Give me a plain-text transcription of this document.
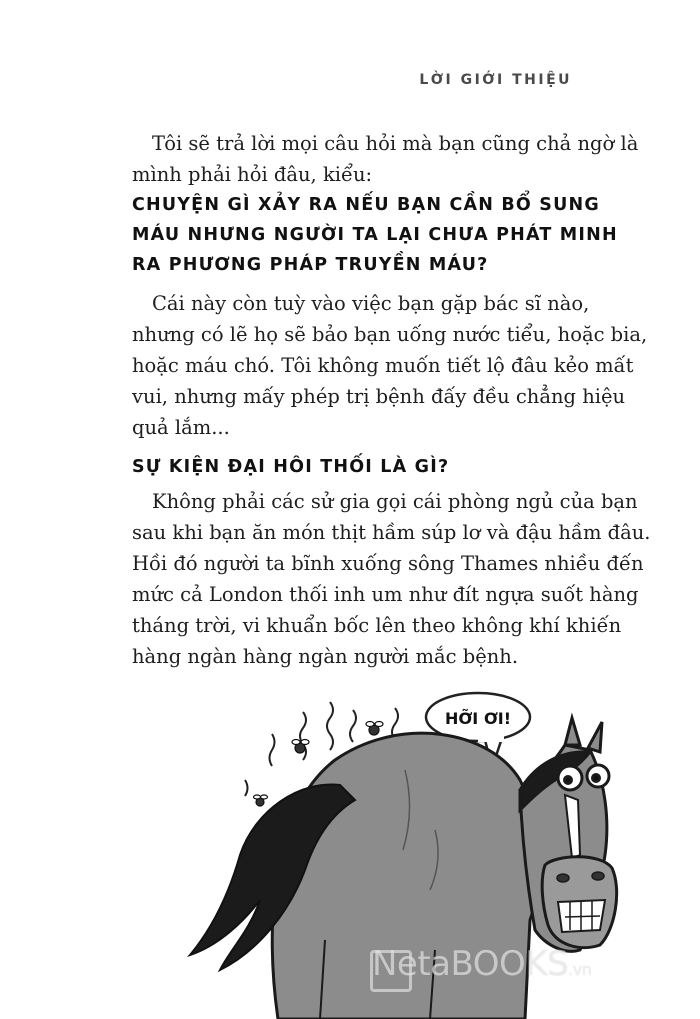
LỜI GIỚI THIỆU
Tôi sẽ trả lời mọi câu hỏi mà bạn cũng chả ngờ là
mình phải hỏi đâu, kiểu:
CHUYỆN GÌ XẢY RA NẾU BẠN CẦN BỔ SUNG
MÁU NHƯNG NGƯỜI TA LẠI CHƯA PHÁT MINH
RA PHƯƠNG PHÁP TRUYỀN MÁU?
Cái này còn tuỳ vào việc bạn gặp bác sĩ nào,
nhưng có lẽ họ sẽ bảo bạn uống nước tiểu, hoặc bia,
hoặc máu chó. Tôi không muốn tiết lộ đâu kẻo mất
vui, nhưng mấy phép trị bệnh đấy đều chẳng hiệu
quả lắm...
SỰ KIỆN ĐẠI HÔI THỐI LÀ GÌ?
Không phải các sử gia gọi cái phòng ngủ của bạn
sau khi bạn ăn món thịt hầm súp lơ và đậu hầm đâu.
Hồi đó người ta bĩnh xuống sông Thames nhiều đến
mức cả London thối inh um như đít ngựa suốt hàng
tháng trời, vi khuẩn bốc lên theo không khí khiến
hàng ngàn hàng ngàn người mắc bệnh.
HỠI ƠI!
NetaBOOKS.vn
